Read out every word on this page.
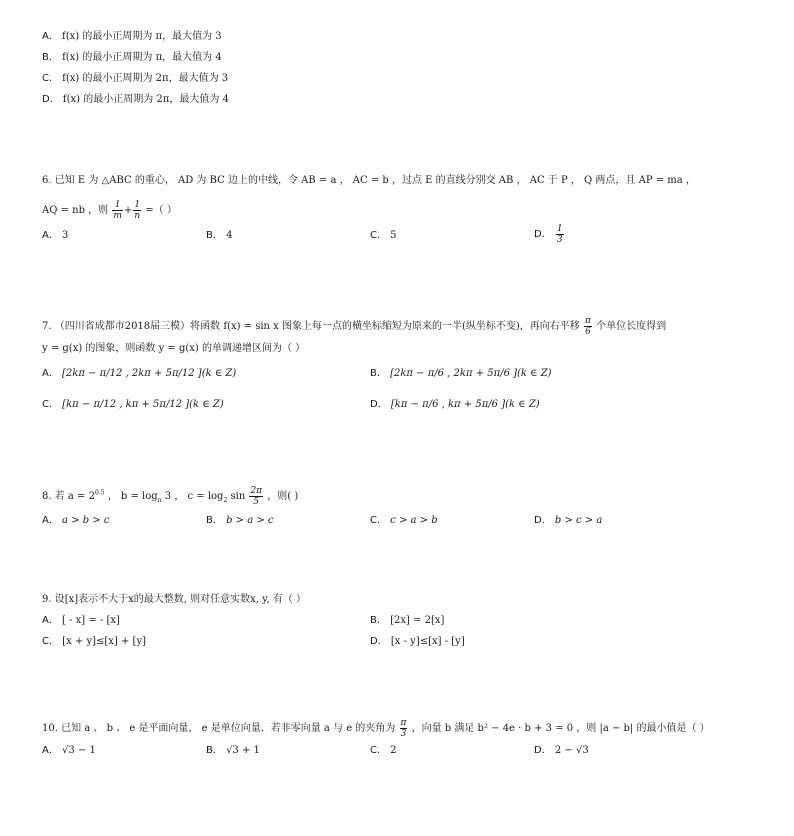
A． f(x) 的最小正周期为 π，最大值为 3
B． f(x) 的最小正周期为 π，最大值为 4
C． f(x) 的最小正周期为 2π，最大值为 3
D． f(x) 的最小正周期为 2π，最大值为 4
6. 已知 E 为 △ABC 的重心， AD 为 BC 边上的中线，令 AB = a ， AC = b ，过点 E 的直线分别交 AB ， AC 于 P ， Q 两点，且 AP = ma ，
AQ = nb ，则 $\frac{1}{m} + \frac{1}{n}$ =（ ）
A． 3	B． 4	C． 5	D． $\frac{1}{3}$
7. （四川省成都市2018届三模）将函数 f(x) = sin x 图象上每一点的横坐标缩短为原来的一半(纵坐标不变)，再向右平移 $\frac{\pi}{6}$ 个单位长度得到
y = g(x) 的图象，则函数 y = g(x) 的单调递增区间为（ ）
A． [2kπ − π/12 , 2kπ + 5π/12 ](k ∈ Z)	B． [2kπ − π/6 , 2kπ + 5π/6 ](k ∈ Z)
C． [kπ − π/12 , kπ + 5π/12 ](k ∈ Z)	D． [kπ − π/6 , kπ + 5π/6 ](k ∈ Z)
8. 若 $a = 2^{0.5}$ ， $b = \log_\pi 3$ ， $c = \log_2 \sin \frac{2\pi}{5}$ ，则( )
A． a > b > c	B． b > a > c	C． c > a > b	D． b > c > a
9. 设[x]表示不大于x的最大整数, 则对任意实数x, y, 有（ ）
A． [ - x] = - [x]	B． [2x] = 2[x]
C． [x + y]≤[x] + [y]	D． [x - y]≤[x] - [y]
10. 已知 a 、 b 、 e 是平面向量， e 是单位向量．若非零向量 a 与 e 的夹角为 $\frac{\pi}{3}$ ，向量 b 满足 b² − 4e · b + 3 = 0 ，则 |a − b| 的最小值是（ ）
A． √3 − 1	B． √3 + 1	C． 2	D． 2 − √3
